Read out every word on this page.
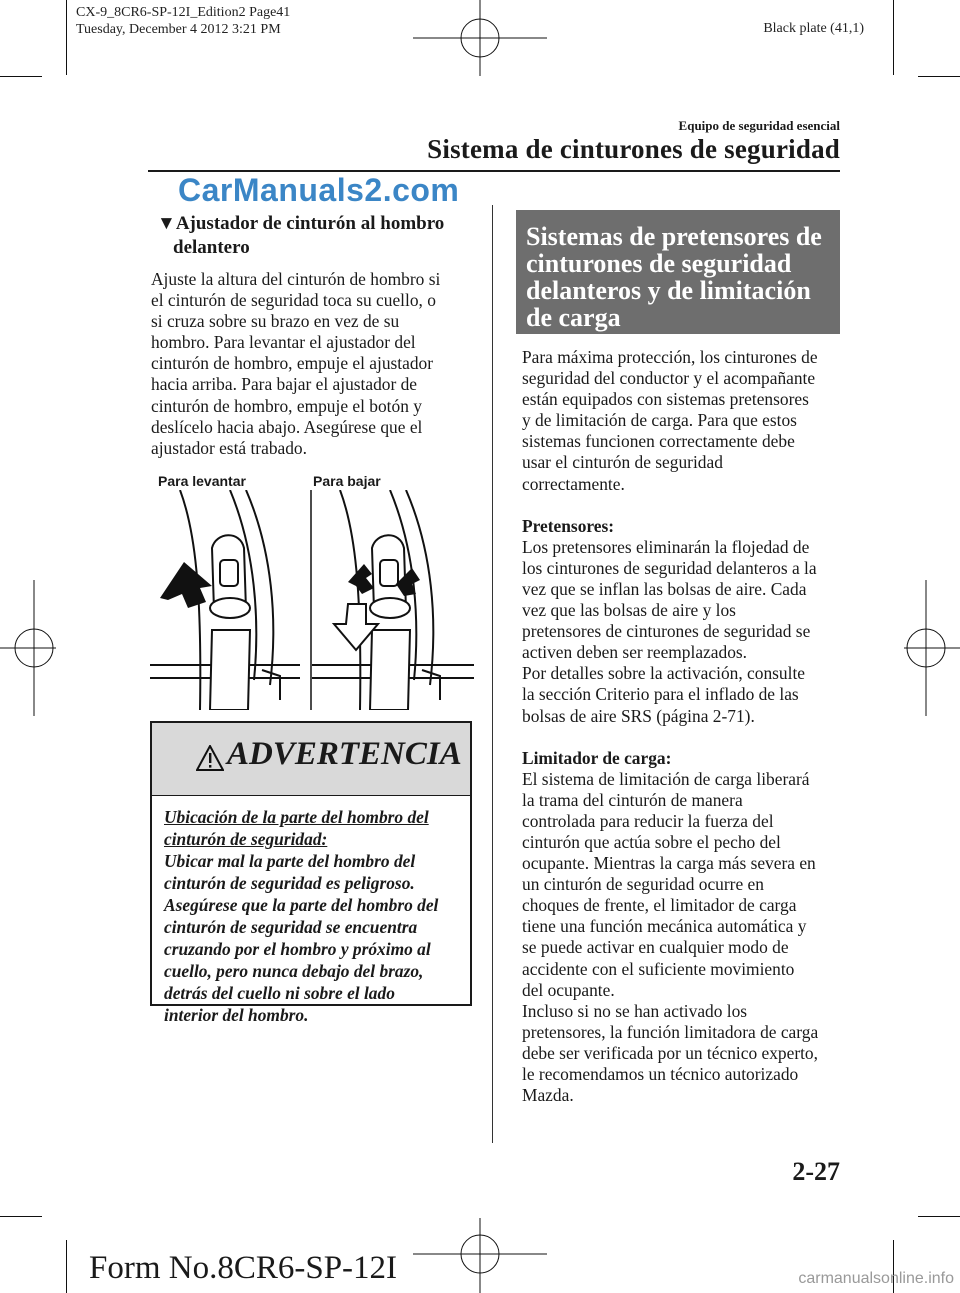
CX-9_8CR6-SP-12I_Edition2 Page41
Tuesday, December 4 2012 3:21 PM	Black plate (41,1)
Equipo de seguridad esencial
Sistema de cinturones de seguridad
CarManuals2.com
▼Ajustador de cinturón al hombro
delantero
Ajuste la altura del cinturón de hombro si
el cinturón de seguridad toca su cuello, o
si cruza sobre su brazo en vez de su
hombro. Para levantar el ajustador del
cinturón de hombro, empuje el ajustador
hacia arriba. Para bajar el ajustador de
cinturón de hombro, empuje el botón y
deslícelo hacia abajo. Asegúrese que el
ajustador está trabado.
Para levantar	Para bajar
ADVERTENCIA
Ubicación de la parte del hombro del
cinturón de seguridad:
Ubicar mal la parte del hombro del
cinturón de seguridad es peligroso.
Asegúrese que la parte del hombro del
cinturón de seguridad se encuentra
cruzando por el hombro y próximo al
cuello, pero nunca debajo del brazo,
detrás del cuello ni sobre el lado
interior del hombro.
Sistemas de pretensores de
cinturones de seguridad
delanteros y de limitación
de carga
Para máxima protección, los cinturones de
seguridad del conductor y el acompañante
están equipados con sistemas pretensores
y de limitación de carga. Para que estos
sistemas funcionen correctamente debe
usar el cinturón de seguridad
correctamente.
Pretensores:
Los pretensores eliminarán la flojedad de
los cinturones de seguridad delanteros a la
vez que se inflan las bolsas de aire. Cada
vez que las bolsas de aire y los
pretensores de cinturones de seguridad se
activen deben ser reemplazados.
Por detalles sobre la activación, consulte
la sección Criterio para el inflado de las
bolsas de aire SRS (página 2-71).
Limitador de carga:
El sistema de limitación de carga liberará
la trama del cinturón de manera
controlada para reducir la fuerza del
cinturón que actúa sobre el pecho del
ocupante. Mientras la carga más severa en
un cinturón de seguridad ocurre en
choques de frente, el limitador de carga
tiene una función mecánica automática y
se puede activar en cualquier modo de
accidente con el suficiente movimiento
del ocupante.
Incluso si no se han activado los
pretensores, la función limitadora de carga
debe ser verificada por un técnico experto,
le recomendamos un técnico autorizado
Mazda.
2-27
Form No.8CR6-SP-12I	carmanualsonline.info
